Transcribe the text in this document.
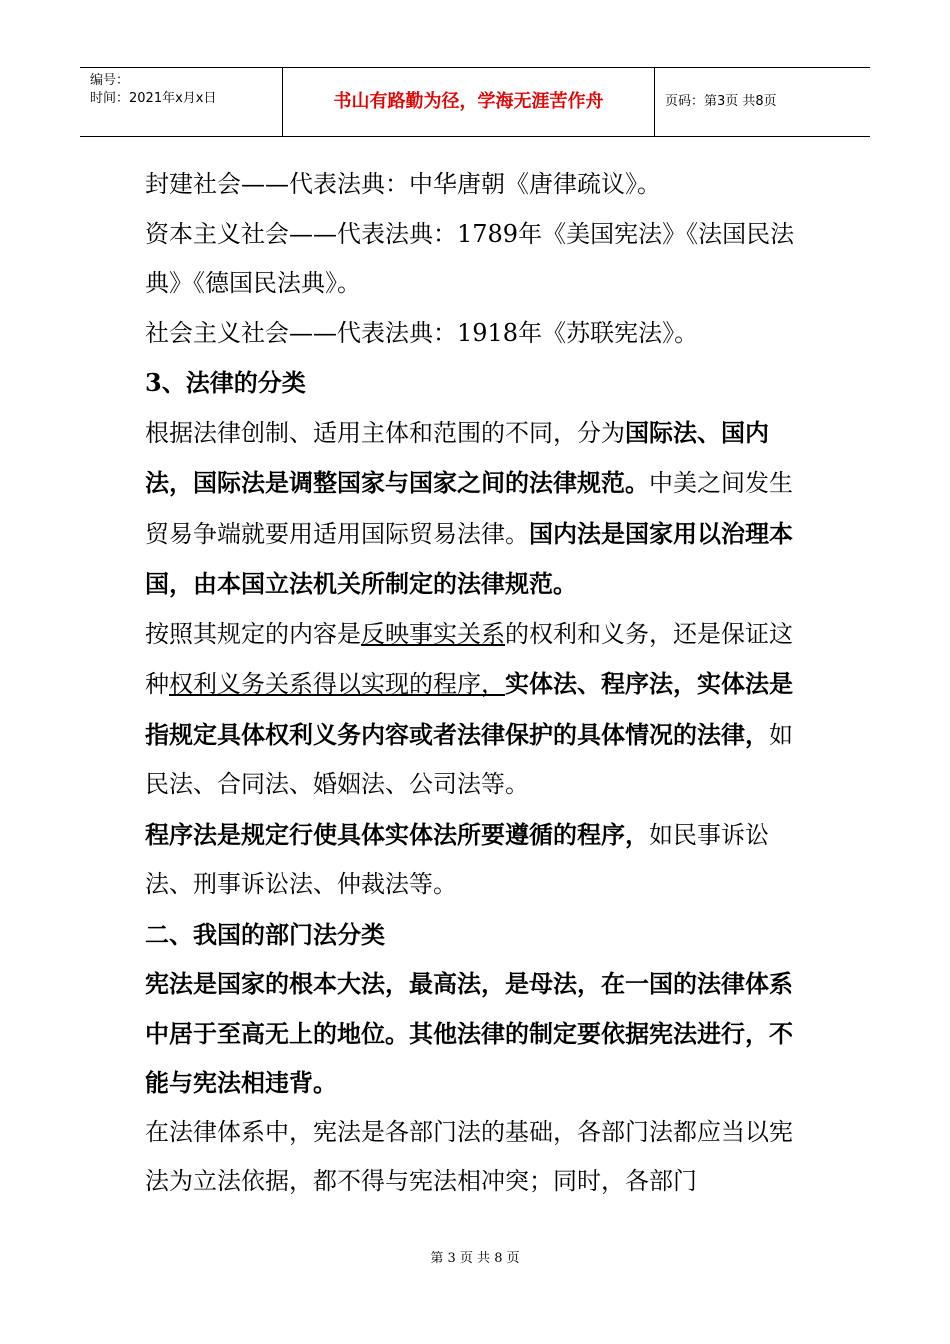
编号：
时间：2021年x月x日	书山有路勤为径，学海无涯苦作舟	页码：第3页 共8页

封建社会——代表法典：中华唐朝《唐律疏议》。

资本主义社会——代表法典：1789年《美国宪法》《法国民法典》《德国民法典》。

社会主义社会——代表法典：1918年《苏联宪法》。

3、法律的分类

根据法律创制、适用主体和范围的不同，分为国际法、国内法，国际法是调整国家与国家之间的法律规范。中美之间发生贸易争端就要用适用国际贸易法律。国内法是国家用以治理本国，由本国立法机关所制定的法律规范。

按照其规定的内容是反映事实关系的权利和义务，还是保证这种权利义务关系得以实现的程序，实体法、程序法，实体法是指规定具体权利义务内容或者法律保护的具体情况的法律，如民法、合同法、婚姻法、公司法等。

程序法是规定行使具体实体法所要遵循的程序，如民事诉讼法、刑事诉讼法、仲裁法等。

二、我国的部门法分类

宪法是国家的根本大法，最高法，是母法，在一国的法律体系中居于至高无上的地位。其他法律的制定要依据宪法进行，不能与宪法相违背。

在法律体系中，宪法是各部门法的基础，各部门法都应当以宪法为立法依据，都不得与宪法相冲突；同时，各部门

第 3 页 共 8 页
